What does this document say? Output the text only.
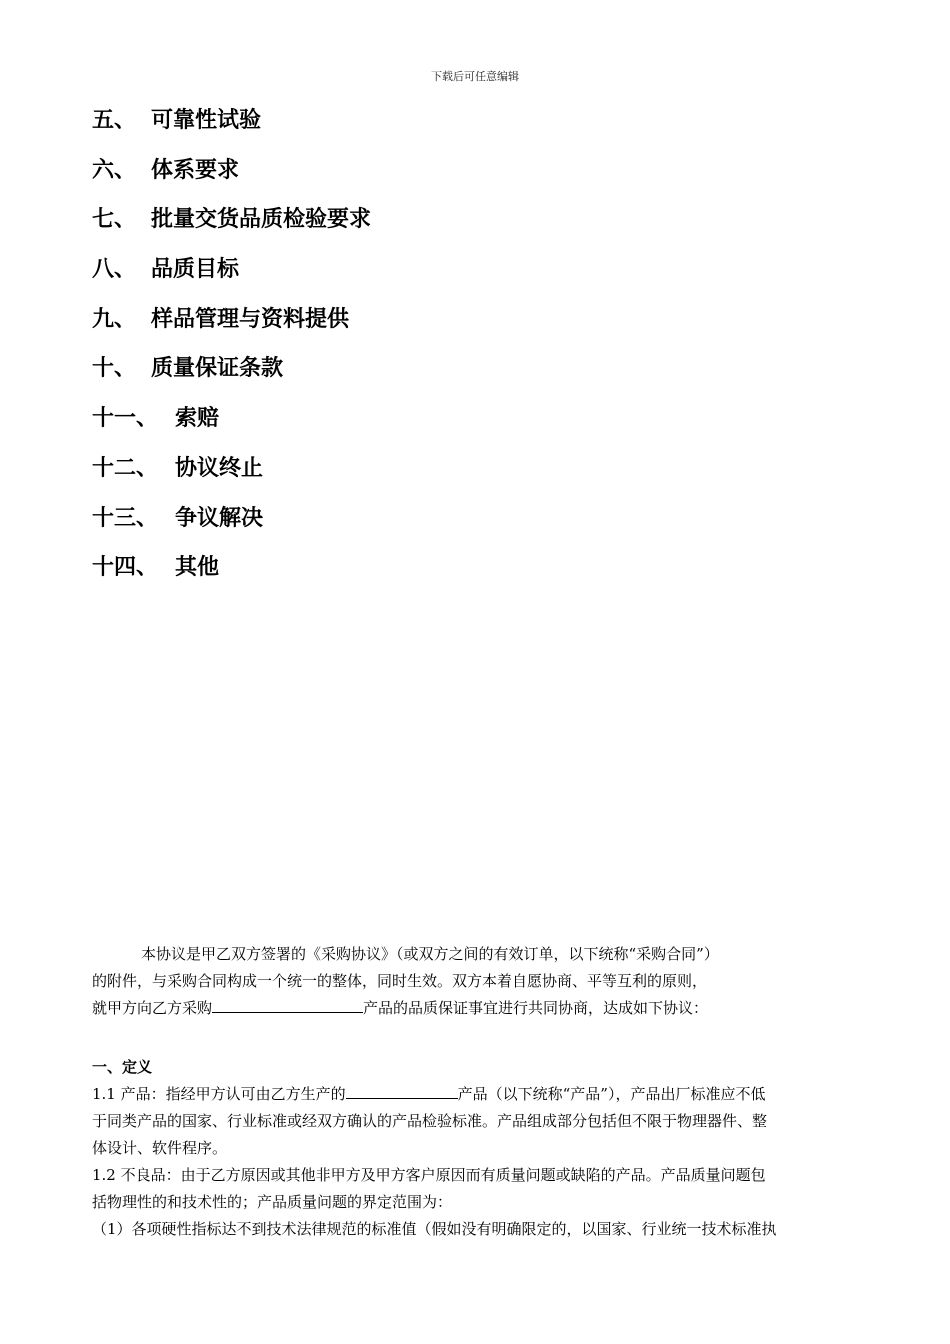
下载后可任意编辑
五、 可靠性试验
六、 体系要求
七、 批量交货品质检验要求
八、 品质目标
九、 样品管理与资料提供
十、 质量保证条款
十一、 索赔
十二、 协议终止
十三、 争议解决
十四、 其他
本协议是甲乙双方签署的《采购协议》（或双方之间的有效订单，以下统称“采购合同”）
的附件，与采购合同构成一个统一的整体，同时生效。双方本着自愿协商、平等互利的原则，
就甲方向乙方采购	产品的品质保证事宜进行共同协商，达成如下协议：
一、定义
1.1 产品：指经甲方认可由乙方生产的	产品（以下统称“产品”），产品出厂标准应不低
于同类产品的国家、行业标准或经双方确认的产品检验标准。产品组成部分包括但不限于物理器件、整
体设计、软件程序。
1.2 不良品：由于乙方原因或其他非甲方及甲方客户原因而有质量问题或缺陷的产品。产品质量问题包
括物理性的和技术性的；产品质量问题的界定范围为：
（1）各项硬性指标达不到技术法律规范的标准值（假如没有明确限定的，以国家、行业统一技术标准执
